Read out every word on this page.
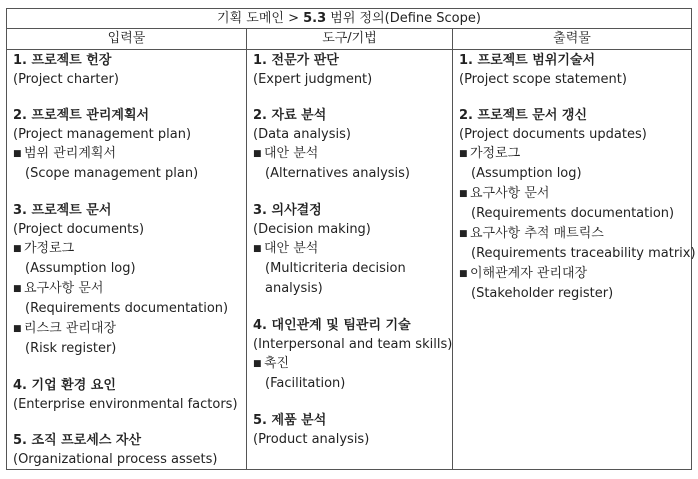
기획 도메인 > 5.3 범위 정의(Define Scope)
입력물	도구/기법	출력물
1. 프로젝트 헌장
(Project charter)
2. 프로젝트 관리계획서
(Project management plan)
■ 범위 관리계획서
(Scope management plan)
3. 프로젝트 문서
(Project documents)
■ 가정로그
(Assumption log)
■ 요구사항 문서
(Requirements documentation)
■ 리스크 관리대장
(Risk register)
4. 기업 환경 요인
(Enterprise environmental factors)
5. 조직 프로세스 자산
(Organizational process assets)
1. 전문가 판단
(Expert judgment)
2. 자료 분석
(Data analysis)
■ 대안 분석
(Alternatives analysis)
3. 의사결정
(Decision making)
■ 대안 분석
(Multicriteria decision analysis)
4. 대인관계 및 팀관리 기술
(Interpersonal and team skills)
■ 촉진
(Facilitation)
5. 제품 분석
(Product analysis)
1. 프로젝트 범위기술서
(Project scope statement)
2. 프로젝트 문서 갱신
(Project documents updates)
■ 가정로그
(Assumption log)
■ 요구사항 문서
(Requirements documentation)
■ 요구사항 추적 매트릭스
(Requirements traceability matrix)
■ 이해관계자 관리대장
(Stakeholder register)
